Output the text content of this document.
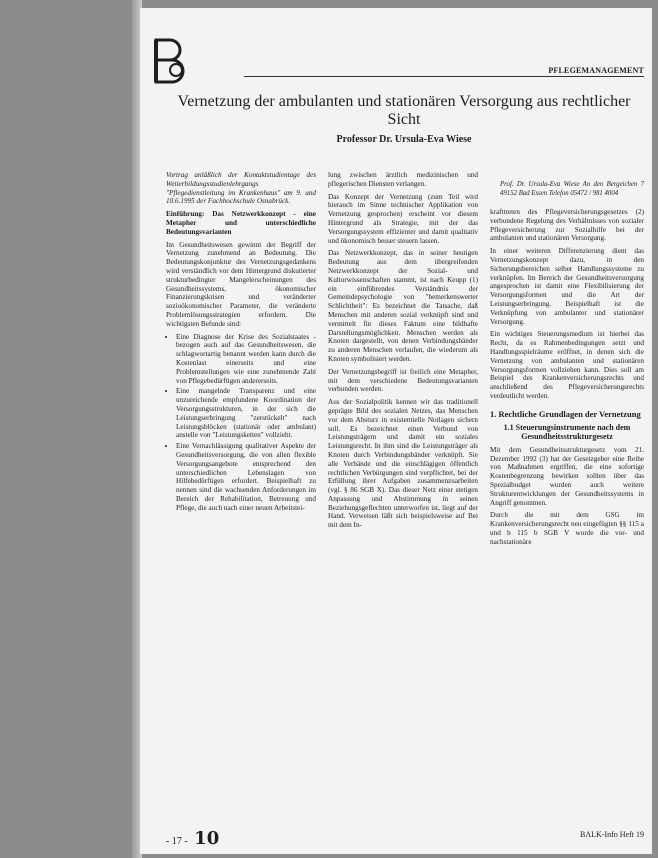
PFLEGEMANAGEMENT
Vernetzung der ambulanten und stationären Versorgung aus rechtlicher Sicht
Professor Dr. Ursula-Eva Wiese

Vortrag anläßlich der Kontaktstudientage des Weiterbildungsstudienlehrgangs "Pflegedienstleitung im Krankenhaus" am 9. und 10.6.1995 der Fachhochschule Osnabrück.

Einführung: Das Netzwerkkonzept - eine Metapher und unterschiedliche Bedeutungsvarianten

Im Gesundheitswesen gewinnt der Begriff der Vernetzung zunehmend an Bedeutung. Die Bedeutungskonjunktur des Vernetzungsgedankens wird verständlich vor dem Hintergrund diskutierter strukturbedingter Mangelerscheinungen des Gesundheitssystems, ökonomischer Finanzierungskrisen und veränderter sozioökonomischer Parameter, die veränderte Problemlösungsstrategien erfordern. Die wichtigsten Befunde sind:

• Eine Diagnose der Krise des Sozialstaates - bezogen auch auf das Gesundheitswesen, die schlagwortartig benannt werden kann durch die Kostenlast einerseits und eine Problemstellungen wie eine zunehmende Zahl von Pflegebedürftigen andererseits.
• Eine mangelnde Transparenz und eine unzureichende empfundene Koordination der Versorgungsstrukturen, in der sich die Leistungserbringung "zerstückelt" nach Leistungsblöcken (stationär oder ambulant) anstelle von "Leistungsketten" vollzieht.
• Eine Vernachlässigung qualitativer Aspekte der Gesundheitsversorgung, die von allen flexible Versorgungsangebote entsprechend den unterschiedlichen Lebenslagen von Hilfebedürftigen erfordert. Beispielhaft zu nennen sind die wachsenden Anforderungen im Bereich der Rehabilitation, Betreuung und Pflege, die auch nach einer neuen Arbeitstei-

lung zwischen ärztlich medizinischen und pflegerischen Diensten verlangen.

Das Konzept der Vernetzung (zum Teil wird hierauch im Sinne technischer Applikation von Vernetzung gesprochen) erscheint vor diesem Hintergrund als Strategie, mit der das Versorgungssystem effizienter und damit qualitativ und ökonomisch besser steuern lassen.

Das Netzwerkkonzept, das in seiner heutigen Bedeutung aus dem übergreifenden Netzwerkkonzept der Sozial- und Kulturwissenschaften stammt, ist nach Keupp (1) ein einführendes Verständnis der Gemeindepsychologie von "bemerkenswerter Schlichtheit": Es bezeichnet die Tatsache, daß Menschen mit anderen sozial verknüpft sind und vermittelt für dieses Faktum eine bildhafte Darstellungsmöglichkeit. Menschen werden als Knoten dargestellt, von denen Verbindungsbänder zu anderen Menschen verlaufen, die wiederum als Knoten symbolisiert werden.

Der Vernetzungsbegriff ist freilich eine Metapher, mit dem verschiedene Bedeutungsvarianten verbunden werden.

Aus der Sozialpolitik kennen wir das traditionell geprägte Bild des sozialen Netzes, das Menschen vor dem Absturz in existentielle Notlagen sichern soll. Es bezeichnet einen Verbund von Leistungsträgern und damit ein soziales Leistungsrecht. In ihm sind die Leistungsträger als Knoten durch Verbindungsbänder verknüpft. Sie alle Verbände und die einschlägigen öffentlich rechtlichen Verbürgungen sind verpflichtet, bei der Erfüllung ihrer Aufgaben zusammenzuarbeiten (vgl. § 86 SGB X). Das dieser Netz einer stetigen Anpassung und Abstimmung in seinen Beziehungsgeflechten unterworfen ist, liegt auf der Hand. Verweisen läßt sich beispielsweise auf Bei mit dem In-

Prof. Dr. Ursula-Eva Wiese An den Bergeichen 7 49152 Bad Essen Telefon 05472 / 981 4004

krafttreten des Pflegeversicherungsgesetzes (2) verbundene Regelung des Verhältnisses von sozialer Pflegeversicherung zur Sozialhilfe bei der ambulanten und stationären Versorgung.

In einer weiteren Differenzierung dient das Vernetzungskonzept dazu, in den Sicherungsbereichen selber Handlungssysteme zu verknüpfen. Im Bereich der Gesundheitsversorgung angesprochen ist damit eine Flexibilisierung der Versorgungsformen und die Art der Leistungserbringung. Beispielhaft ist die Verknüpfung von ambulanter und stationärer Versorgung.

Ein wichtiges Steuerungsmedium ist hierbei das Recht, da es Rahmenbedingungen setzt und Handlungsspielräume eröffnet, in denen sich die Vernetzung von ambulanten und stationären Versorgungsformen vollziehen kann. Dies soll am Beispiel des Krankenversicherungsrechts und anschließend des Pflegeversicherungsrechts verdeutlicht werden.

1. Rechtliche Grundlagen der Vernetzung
1.1 Steuerungsinstrumente nach dem Gesundheitsstrukturgesetz

Mit dem Gesundheitsstrukturgesetz vom 21. Dezember 1992 (3) hat der Gesetzgeber eine Reihe von Maßnahmen ergriffen, die eine sofortige Kostenbegrenzung bewirken sollten über das Spezialbudget wurden auch weitere Strukturentwicklungen der Gesundheitssystems in Angriff genommen.

Durch die mit dem GSG im Krankenversicherungsrecht neu eingefügten §§ 115 a und b 115 b SGB V wurde die vor- und nachstationäre

- 17 - 10	BALK-Info Heft 19
